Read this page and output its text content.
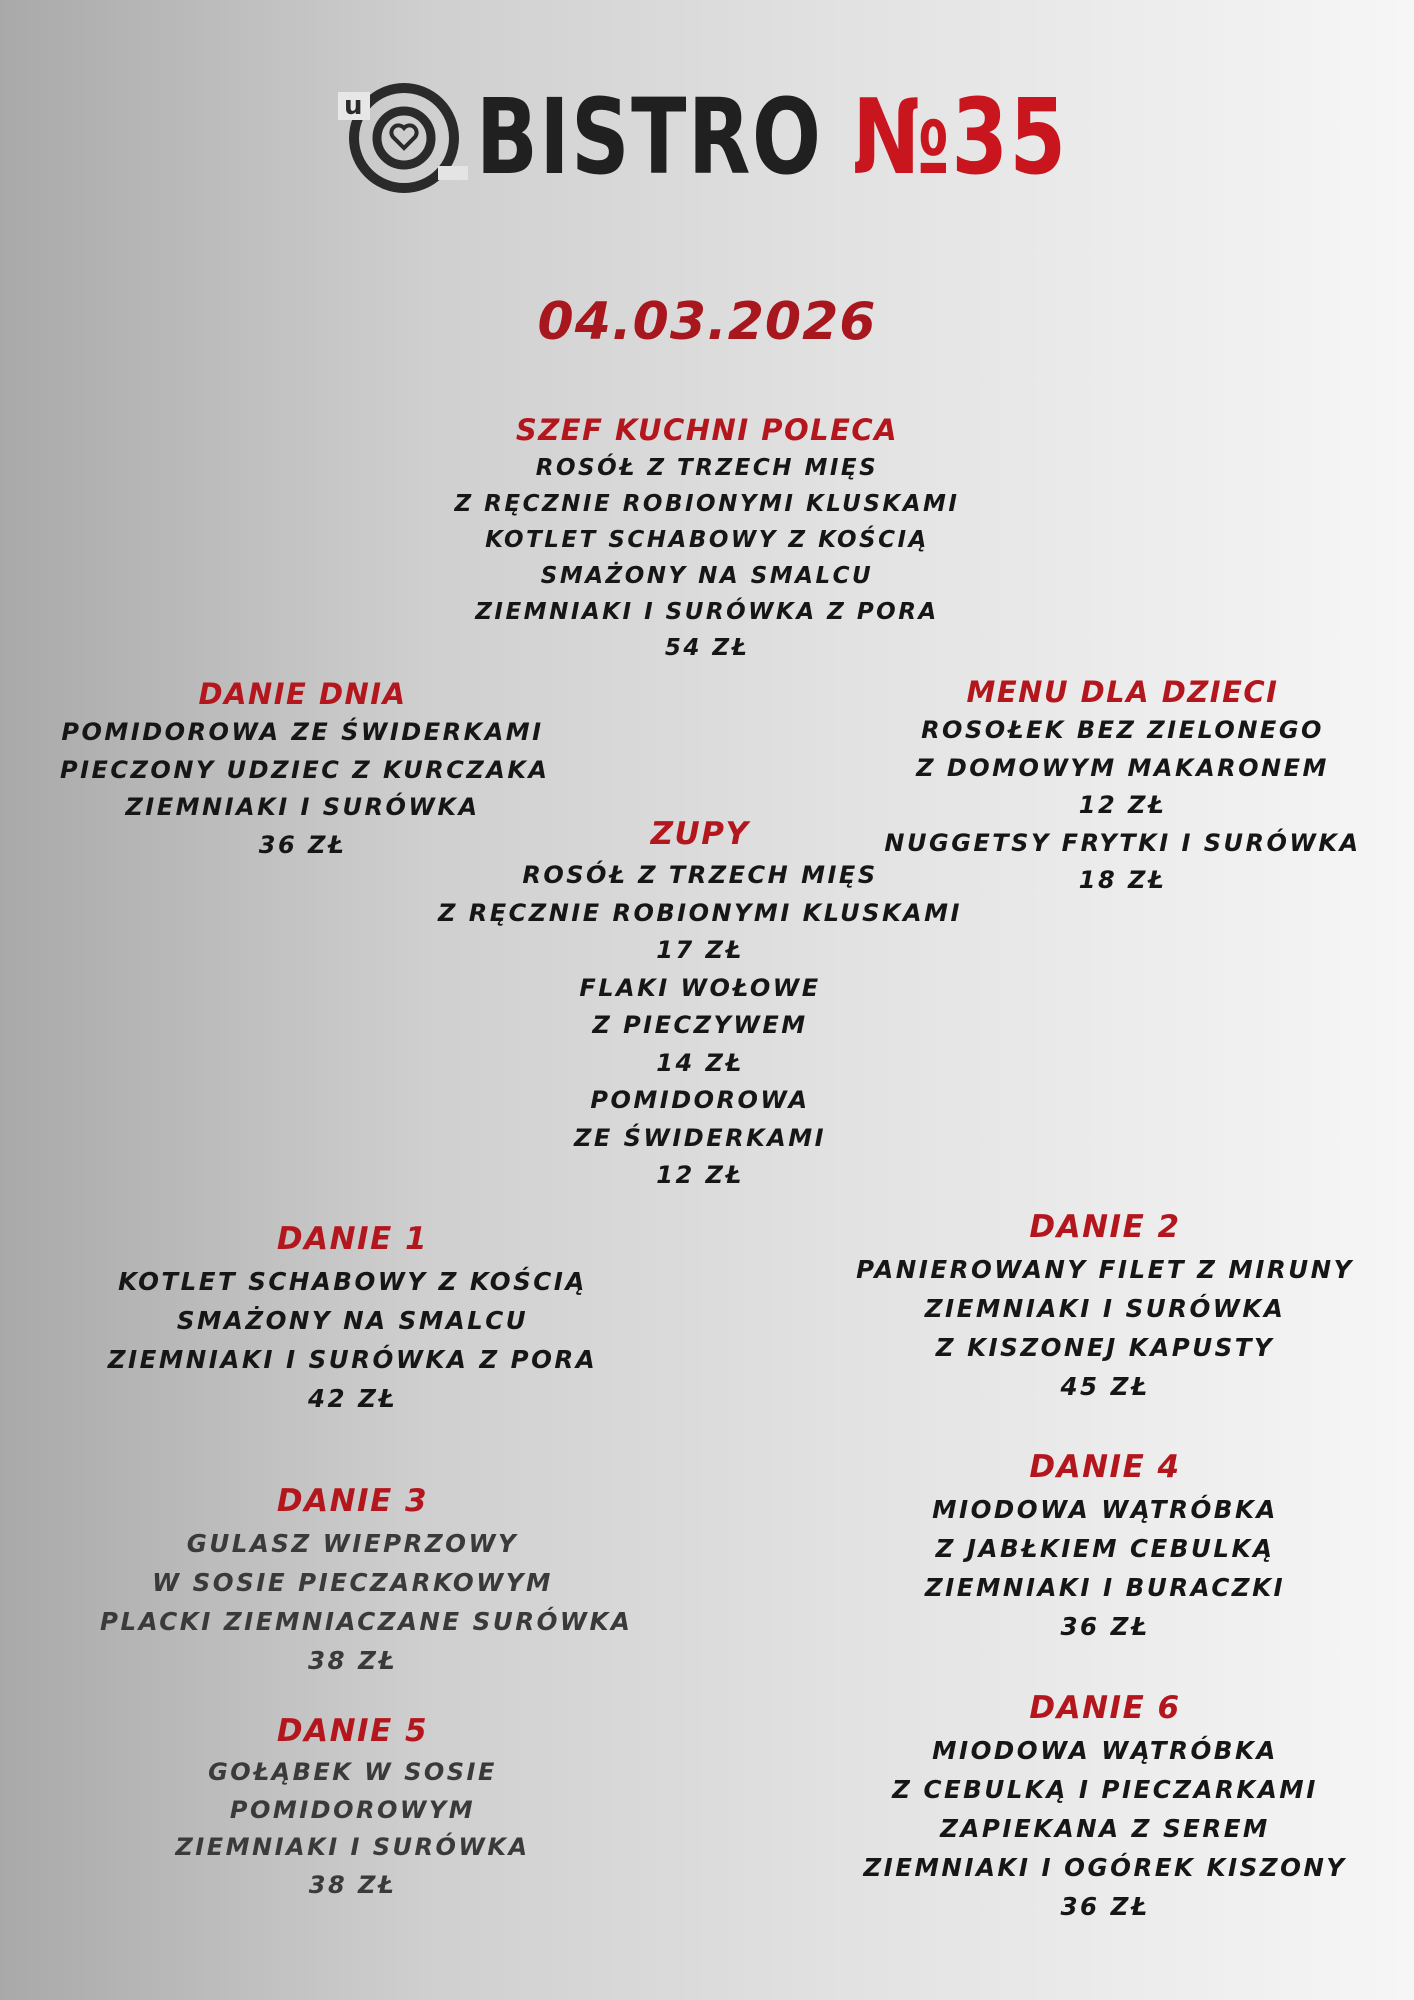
u BISTRO №35
04.03.2026
SZEF KUCHNI POLECA
ROSÓŁ Z TRZECH MIĘS
Z RĘCZNIE ROBIONYMI KLUSKAMI
KOTLET SCHABOWY Z KOŚCIĄ
SMAŻONY NA SMALCU
ZIEMNIAKI I SURÓWKA Z PORA
54 ZŁ
DANIE DNIA
POMIDOROWA ZE ŚWIDERKAMI
PIECZONY UDZIEC Z KURCZAKA
ZIEMNIAKI I SURÓWKA
36 ZŁ
MENU DLA DZIECI
ROSOŁEK BEZ ZIELONEGO
Z DOMOWYM MAKARONEM
12 ZŁ
NUGGETSY FRYTKI I SURÓWKA
18 ZŁ
ZUPY
ROSÓŁ Z TRZECH MIĘS
Z RĘCZNIE ROBIONYMI KLUSKAMI
17 ZŁ
FLAKI WOŁOWE
Z PIECZYWEM
14 ZŁ
POMIDOROWA
ZE ŚWIDERKAMI
12 ZŁ
DANIE 1
KOTLET SCHABOWY Z KOŚCIĄ
SMAŻONY NA SMALCU
ZIEMNIAKI I SURÓWKA Z PORA
42 ZŁ
DANIE 2
PANIEROWANY FILET Z MIRUNY
ZIEMNIAKI I SURÓWKA
Z KISZONEJ KAPUSTY
45 ZŁ
DANIE 3
GULASZ WIEPRZOWY
W SOSIE PIECZARKOWYM
PLACKI ZIEMNIACZANE SURÓWKA
38 ZŁ
DANIE 4
MIODOWA WĄTRÓBKA
Z JABŁKIEM CEBULKĄ
ZIEMNIAKI I BURACZKI
36 ZŁ
DANIE 5
GOŁĄBEK W SOSIE
POMIDOROWYM
ZIEMNIAKI I SURÓWKA
38 ZŁ
DANIE 6
MIODOWA WĄTRÓBKA
Z CEBULKĄ I PIECZARKAMI
ZAPIEKANA Z SEREM
ZIEMNIAKI I OGÓREK KISZONY
36 ZŁ
